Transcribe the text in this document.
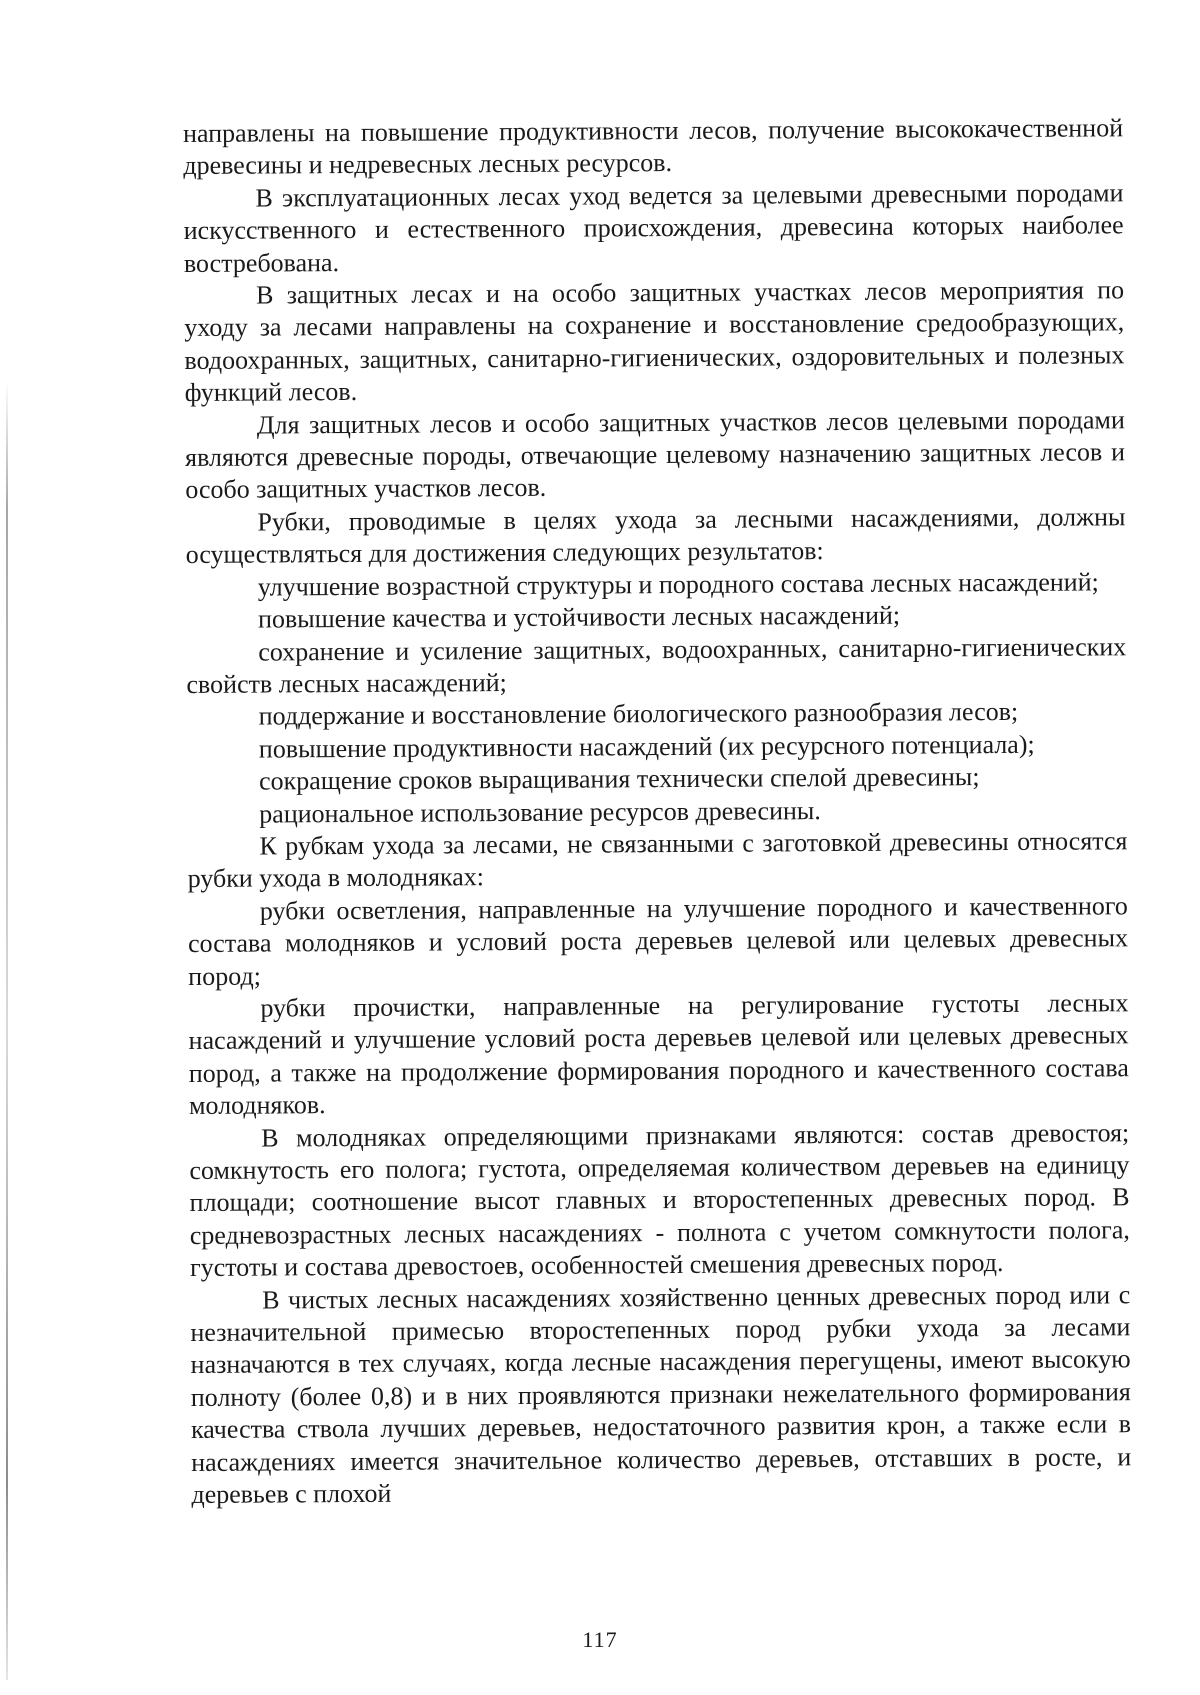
направлены на повышение продуктивности лесов, получение высококачественной древесины и недревесных лесных ресурсов.

В эксплуатационных лесах уход ведется за целевыми древесными породами искусственного и естественного происхождения, древесина которых наиболее востребована.

В защитных лесах и на особо защитных участках лесов мероприятия по уходу за лесами направлены на сохранение и восстановление средообразующих, водоохранных, защитных, санитарно-гигиенических, оздоровительных и полезных функций лесов.

Для защитных лесов и особо защитных участков лесов целевыми породами являются древесные породы, отвечающие целевому назначению защитных лесов и особо защитных участков лесов.

Рубки, проводимые в целях ухода за лесными насаждениями, должны осуществляться для достижения следующих результатов:

улучшение возрастной структуры и породного состава лесных насаждений;

повышение качества и устойчивости лесных насаждений;

сохранение и усиление защитных, водоохранных, санитарно-гигиенических свойств лесных насаждений;

поддержание и восстановление биологического разнообразия лесов;

повышение продуктивности насаждений (их ресурсного потенциала);

сокращение сроков выращивания технически спелой древесины;

рациональное использование ресурсов древесины.

К рубкам ухода за лесами, не связанными с заготовкой древесины относятся рубки ухода в молодняках:

рубки осветления, направленные на улучшение породного и качественного состава молодняков и условий роста деревьев целевой или целевых древесных пород;

рубки прочистки, направленные на регулирование густоты лесных насаждений и улучшение условий роста деревьев целевой или целевых древесных пород, а также на продолжение формирования породного и качественного состава молодняков.

В молодняках определяющими признаками являются: состав древостоя; сомкнутость его полога; густота, определяемая количеством деревьев на единицу площади; соотношение высот главных и второстепенных древесных пород. В средневозрастных лесных насаждениях - полнота с учетом сомкнутости полога, густоты и состава древостоев, особенностей смешения древесных пород.

В чистых лесных насаждениях хозяйственно ценных древесных пород или с незначительной примесью второстепенных пород рубки ухода за лесами назначаются в тех случаях, когда лесные насаждения перегущены, имеют высокую полноту (более 0,8) и в них проявляются признаки нежелательного формирования качества ствола лучших деревьев, недостаточного развития крон, а также если в насаждениях имеется значительное количество деревьев, отставших в росте, и деревьев с плохой

117
